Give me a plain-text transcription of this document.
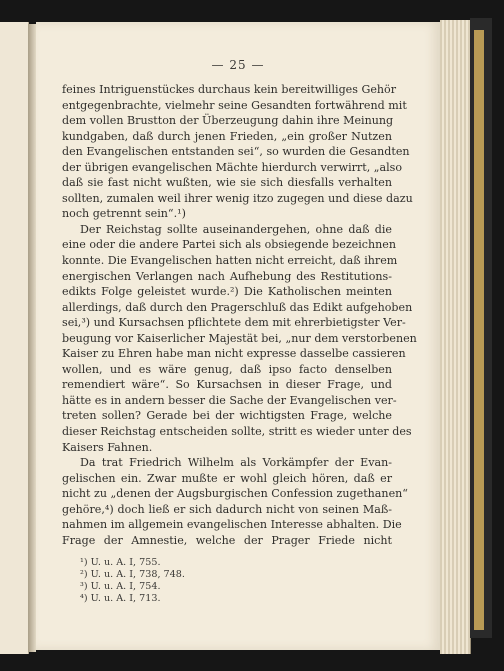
— 25 —
feines Intriguenstückes durchaus kein bereitwilliges Gehör
entgegenbrachte, vielmehr seine Gesandten fortwährend mit
dem vollen Brustton der Überzeugung dahin ihre Meinung
kundgaben, daß durch jenen Frieden, „ein großer Nutzen
den Evangelischen entstanden sei“, so wurden die Gesandten
der übrigen evangelischen Mächte hierdurch verwirrt, „also
daß sie fast nicht wußten, wie sie sich diesfalls verhalten
sollten, zumalen weil ihrer wenig itzo zugegen und diese dazu
noch getrennt sein“.¹)
Der Reichstag sollte auseinandergehen, ohne daß die
eine oder die andere Partei sich als obsiegende bezeichnen
konnte. Die Evangelischen hatten nicht erreicht, daß ihrem
energischen Verlangen nach Aufhebung des Restitutions-
edikts Folge geleistet wurde.²) Die Katholischen meinten
allerdings, daß durch den Pragerschluß das Edikt aufgehoben
sei,³) und Kursachsen pflichtete dem mit ehrerbietigster Ver-
beugung vor Kaiserlicher Majestät bei, „nur dem verstorbenen
Kaiser zu Ehren habe man nicht expresse dasselbe cassieren
wollen, und es wäre genug, daß ipso facto denselben
remendiert wäre“. So Kursachsen in dieser Frage, und
hätte es in andern besser die Sache der Evangelischen ver-
treten sollen? Gerade bei der wichtigsten Frage, welche
dieser Reichstag entscheiden sollte, stritt es wieder unter des
Kaisers Fahnen.
Da trat Friedrich Wilhelm als Vorkämpfer der Evan-
gelischen ein. Zwar mußte er wohl gleich hören, daß er
nicht zu „denen der Augsburgischen Confession zugethanen“
gehöre,⁴) doch ließ er sich dadurch nicht von seinen Maß-
nahmen im allgemein evangelischen Interesse abhalten. Die
Frage der Amnestie, welche der Prager Friede nicht
¹) U. u. A. I, 755.
²) U. u. A. I, 738, 748.
³) U. u. A. I, 754.
⁴) U. u. A. I, 713.
